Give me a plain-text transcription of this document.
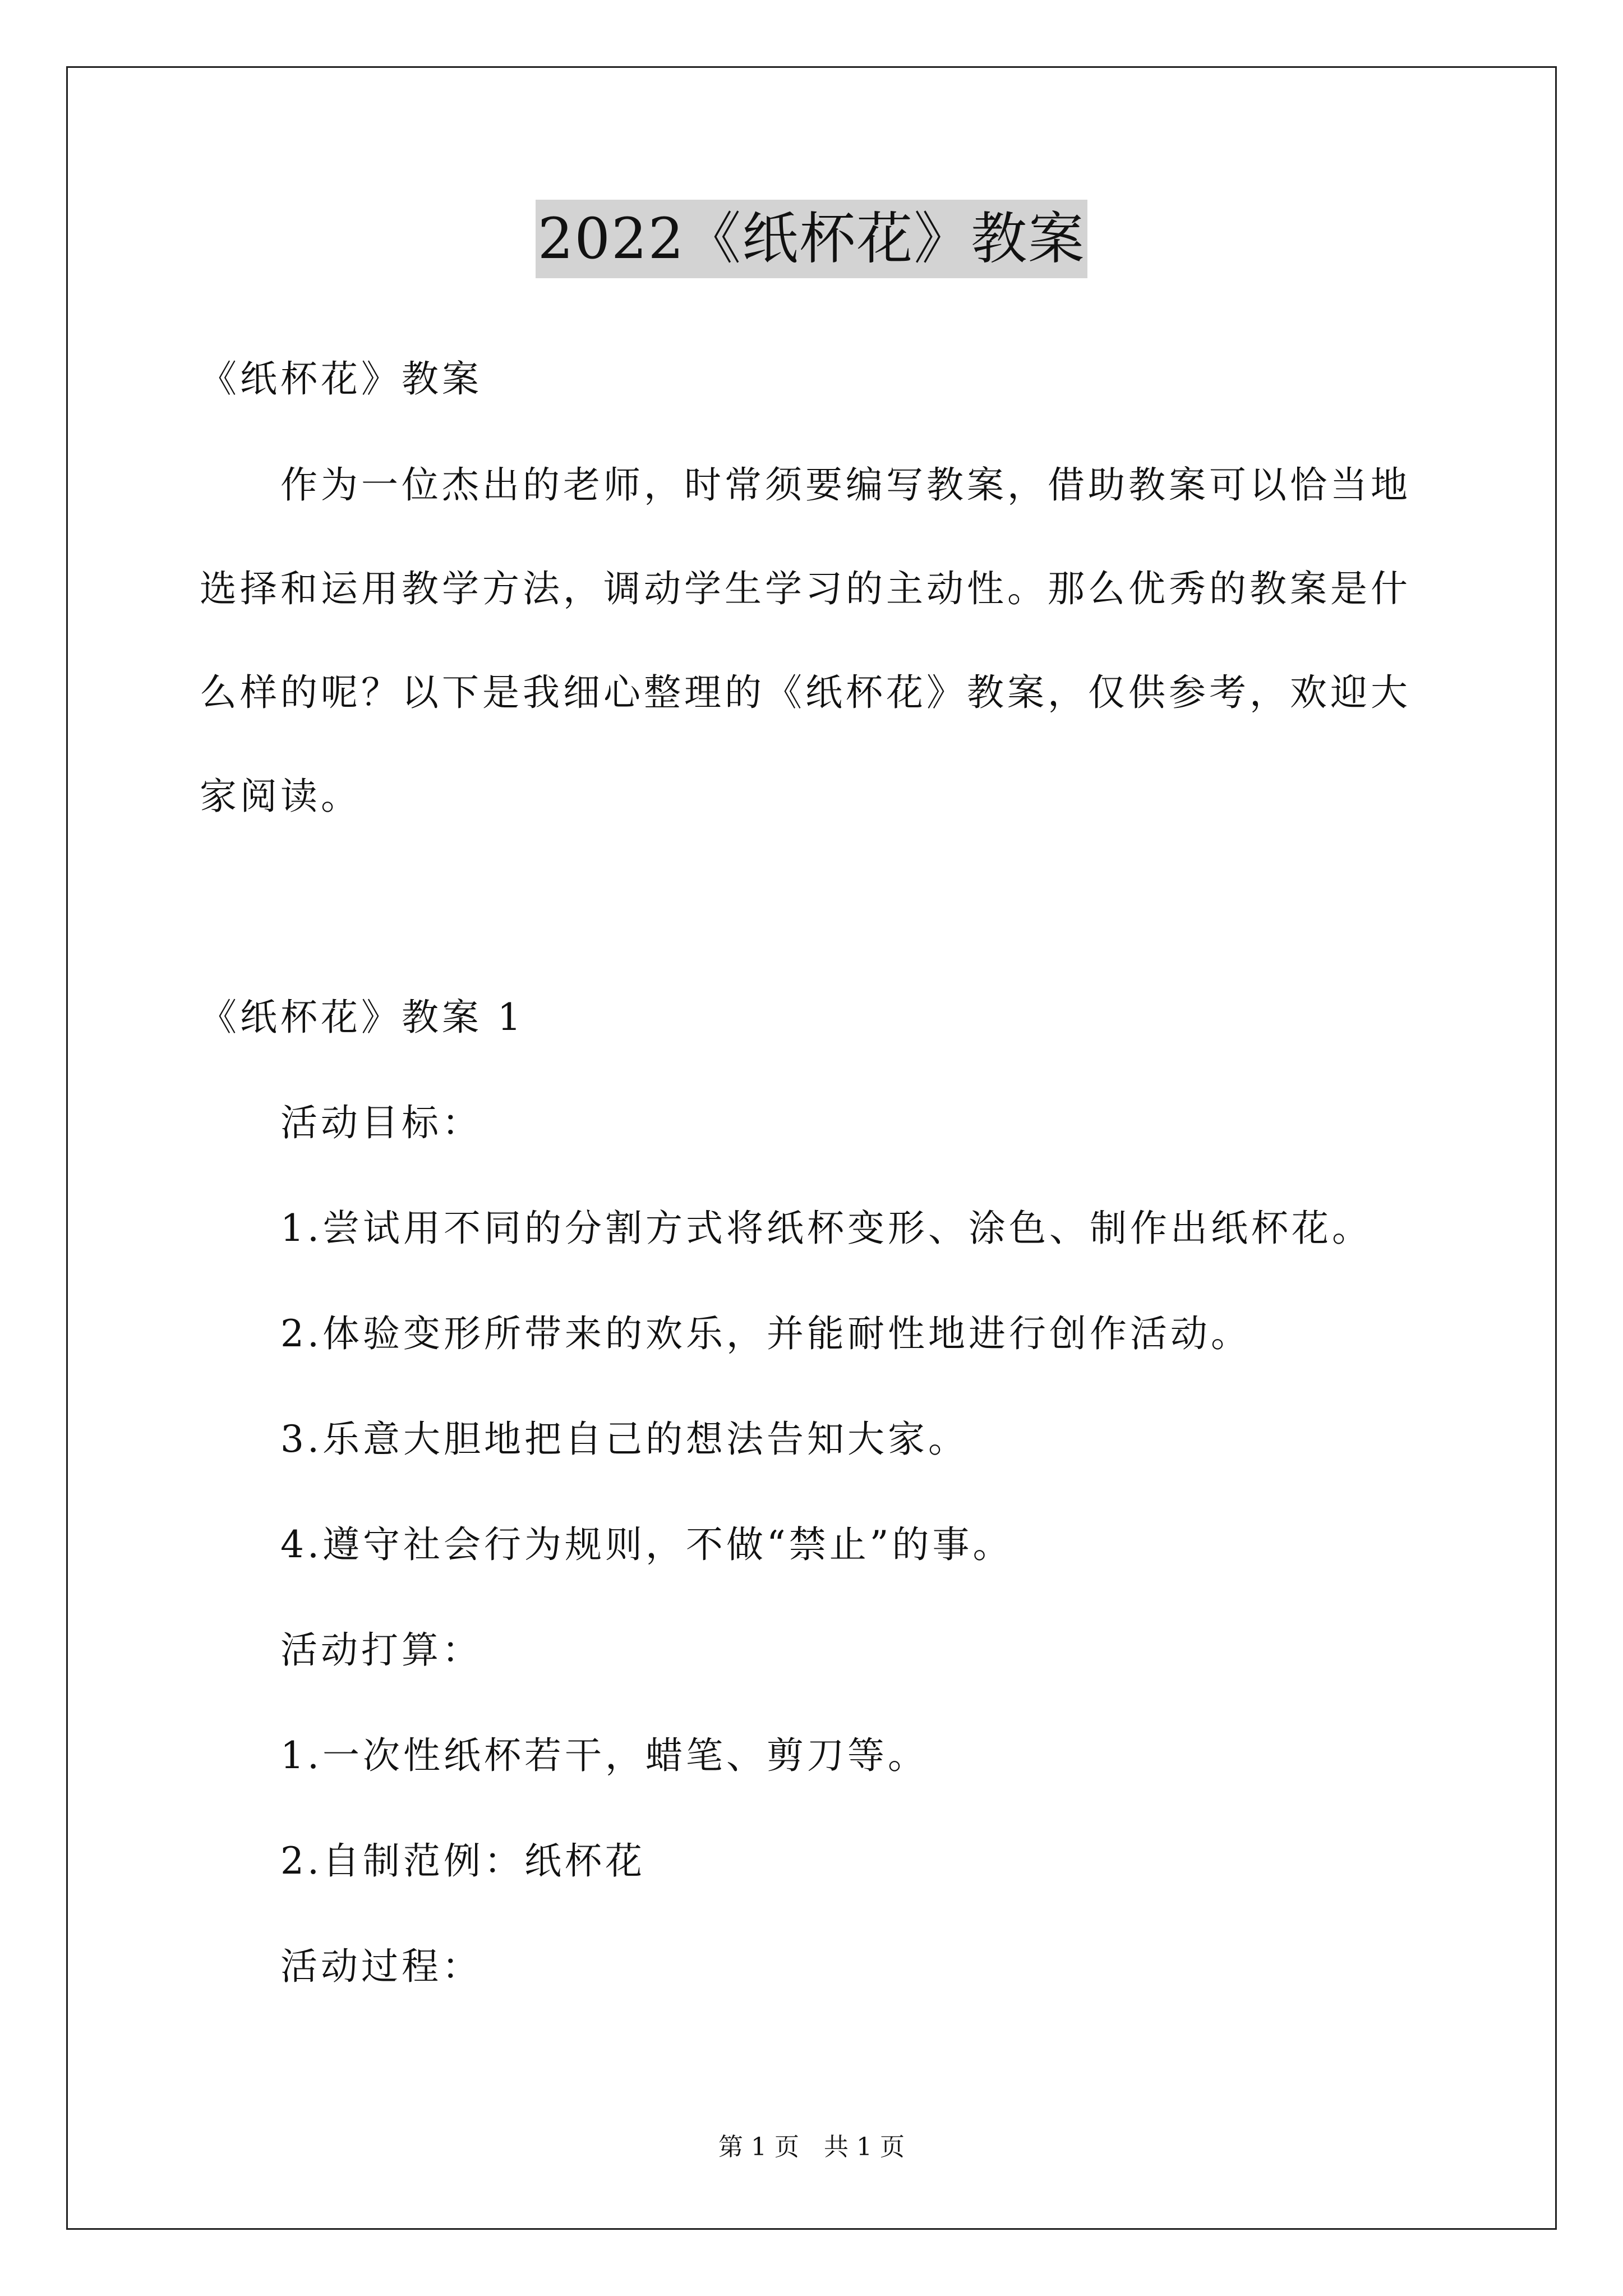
2022《纸杯花》教案
《纸杯花》教案
作为一位杰出的老师，时常须要编写教案，借助教案可以恰当地
选择和运用教学方法，调动学生学习的主动性。那么优秀的教案是什
么样的呢？以下是我细心整理的《纸杯花》教案，仅供参考，欢迎大
家阅读。
《纸杯花》教案 1
活动目标：
1.尝试用不同的分割方式将纸杯变形、涂色、制作出纸杯花。
2.体验变形所带来的欢乐，并能耐性地进行创作活动。
3.乐意大胆地把自己的想法告知大家。
4.遵守社会行为规则，不做“禁止”的事。
活动打算：
1.一次性纸杯若干，蜡笔、剪刀等。
2.自制范例：纸杯花
活动过程：
第 1 页　共 1 页
